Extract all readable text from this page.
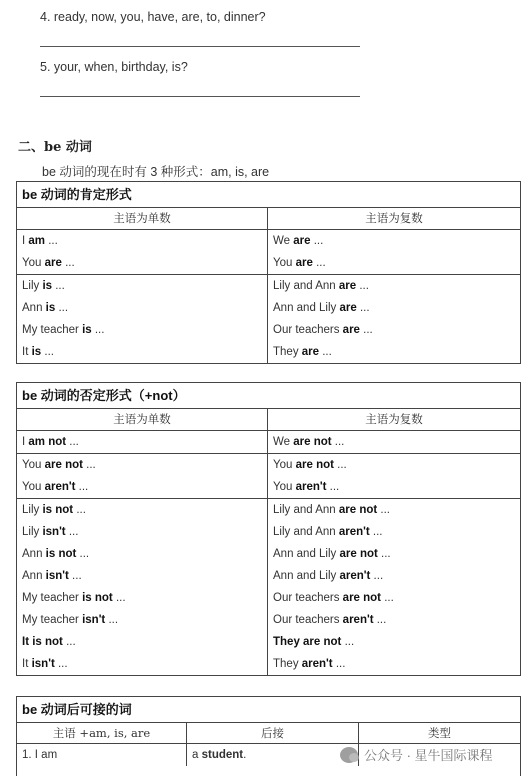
4. ready, now, you, have, are, to, dinner?
5. your, when, birthday, is?
二、be 动词
be 动词的现在时有 3 种形式：am, is, are
be 动词的肯定形式
主语为单数	主语为复数
I am ...	We are ...
You are ...	You are ...
Lily is ...	Lily and Ann are ...
Ann is ...	Ann and Lily are ...
My teacher is ...	Our teachers are ...
It is ...	They are ...
be 动词的否定形式（+not）
主语为单数	主语为复数
I am not ...	We are not ...
You are not ...	You are not ...
You aren't ...	You aren't ...
Lily is not ...	Lily and Ann are not ...
Lily isn't ...	Lily and Ann aren't ...
Ann is not ...	Ann and Lily are not ...
Ann isn't ...	Ann and Lily aren't ...
My teacher is not ...	Our teachers are not ...
My teacher isn't ...	Our teachers aren't ...
It is not ...	They are not ...
It isn't ...	They aren't ...
be 动词后可接的词
主语 +am, is, are	后接	类型
1. I am	a student.	公众号 · 星牛国际课程
